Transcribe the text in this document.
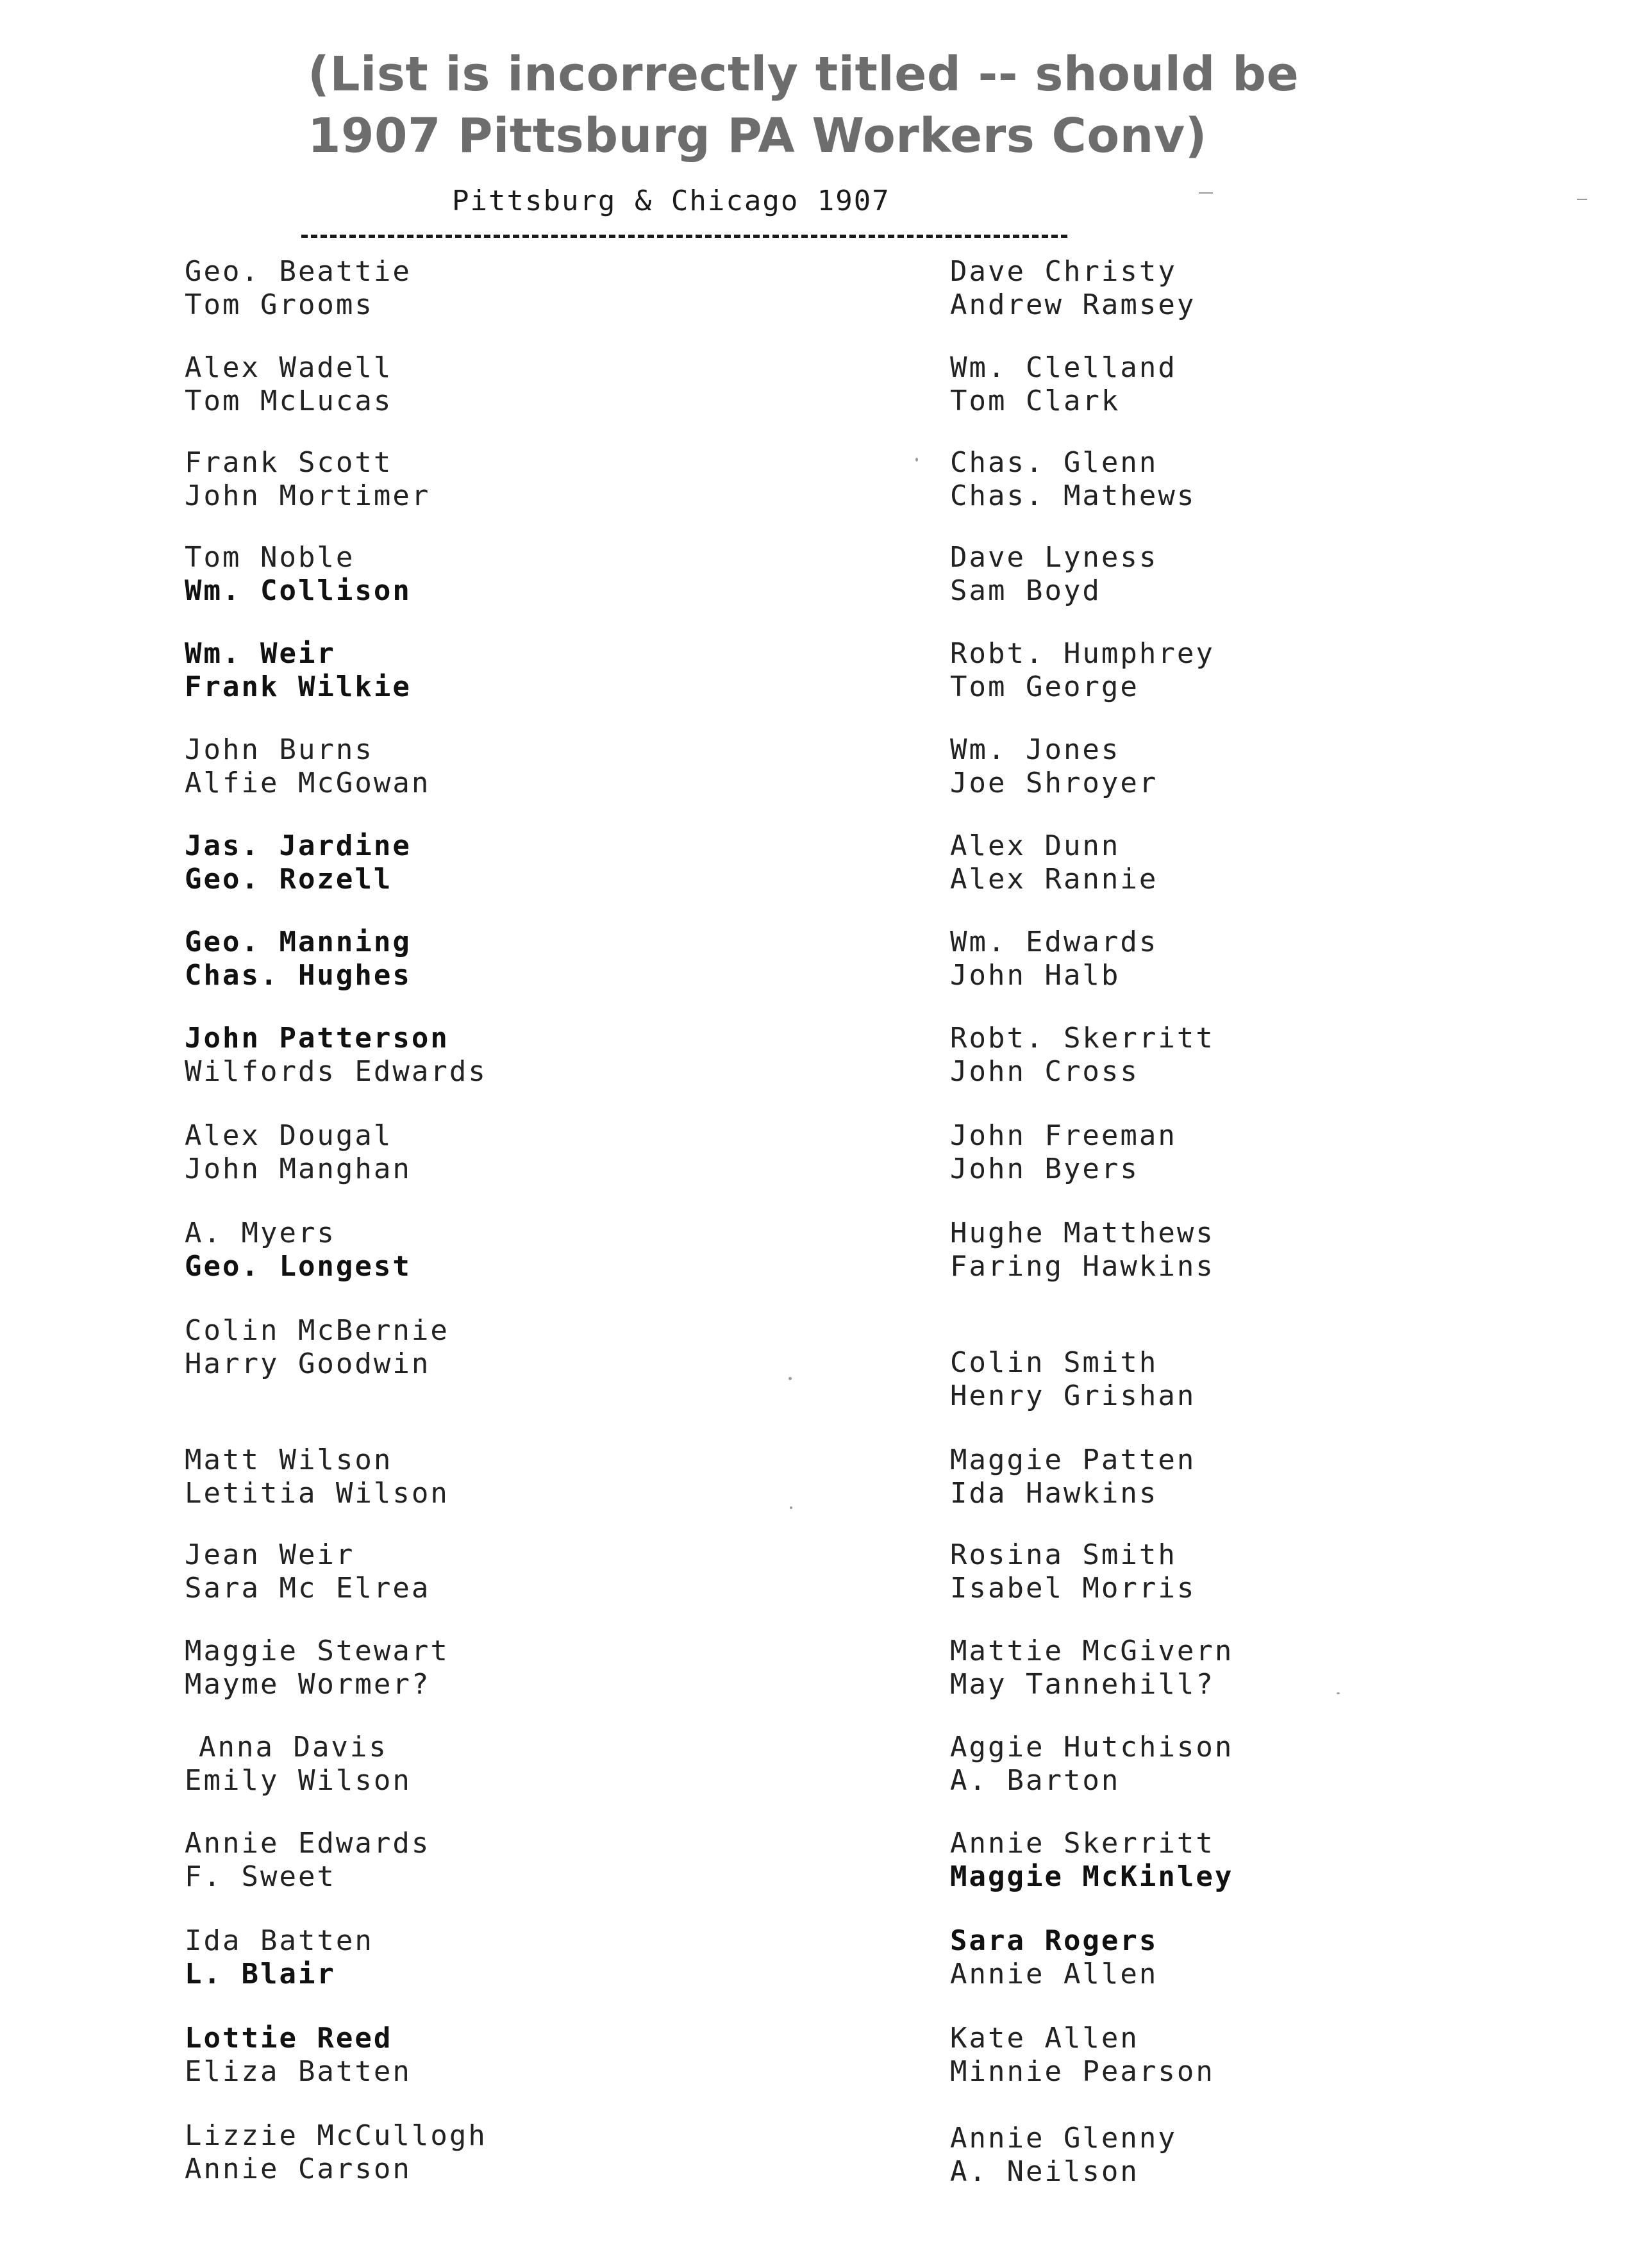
(List is incorrectly titled -- should be
1907 Pittsburg PA Workers Conv)
Pittsburg & Chicago 1907
Geo. Beattie
Tom Grooms
Alex Wadell
Tom McLucas
Frank Scott
John Mortimer
Tom Noble
Wm. Collison
Wm. Weir
Frank Wilkie
John Burns
Alfie McGowan
Jas. Jardine
Geo. Rozell
Geo. Manning
Chas. Hughes
John Patterson
Wilfords Edwards
Alex Dougal
John Manghan
A. Myers
Geo. Longest
Colin McBernie
Harry Goodwin
Matt Wilson
Letitia Wilson
Jean Weir
Sara Mc Elrea
Maggie Stewart
Mayme Wormer?
Anna Davis
Emily Wilson
Annie Edwards
F. Sweet
Ida Batten
L. Blair
Lottie Reed
Eliza Batten
Lizzie McCullogh
Annie Carson
Dave Christy
Andrew Ramsey
Wm. Clelland
Tom Clark
Chas. Glenn
Chas. Mathews
Dave Lyness
Sam Boyd
Robt. Humphrey
Tom George
Wm. Jones
Joe Shroyer
Alex Dunn
Alex Rannie
Wm. Edwards
John Halb
Robt. Skerritt
John Cross
John Freeman
John Byers
Hughe Matthews
Faring Hawkins
Colin Smith
Henry Grishan
Maggie Patten
Ida Hawkins
Rosina Smith
Isabel Morris
Mattie McGivern
May Tannehill?
Aggie Hutchison
A. Barton
Annie Skerritt
Maggie McKinley
Sara Rogers
Annie Allen
Kate Allen
Minnie Pearson
Annie Glenny
A. Neilson
